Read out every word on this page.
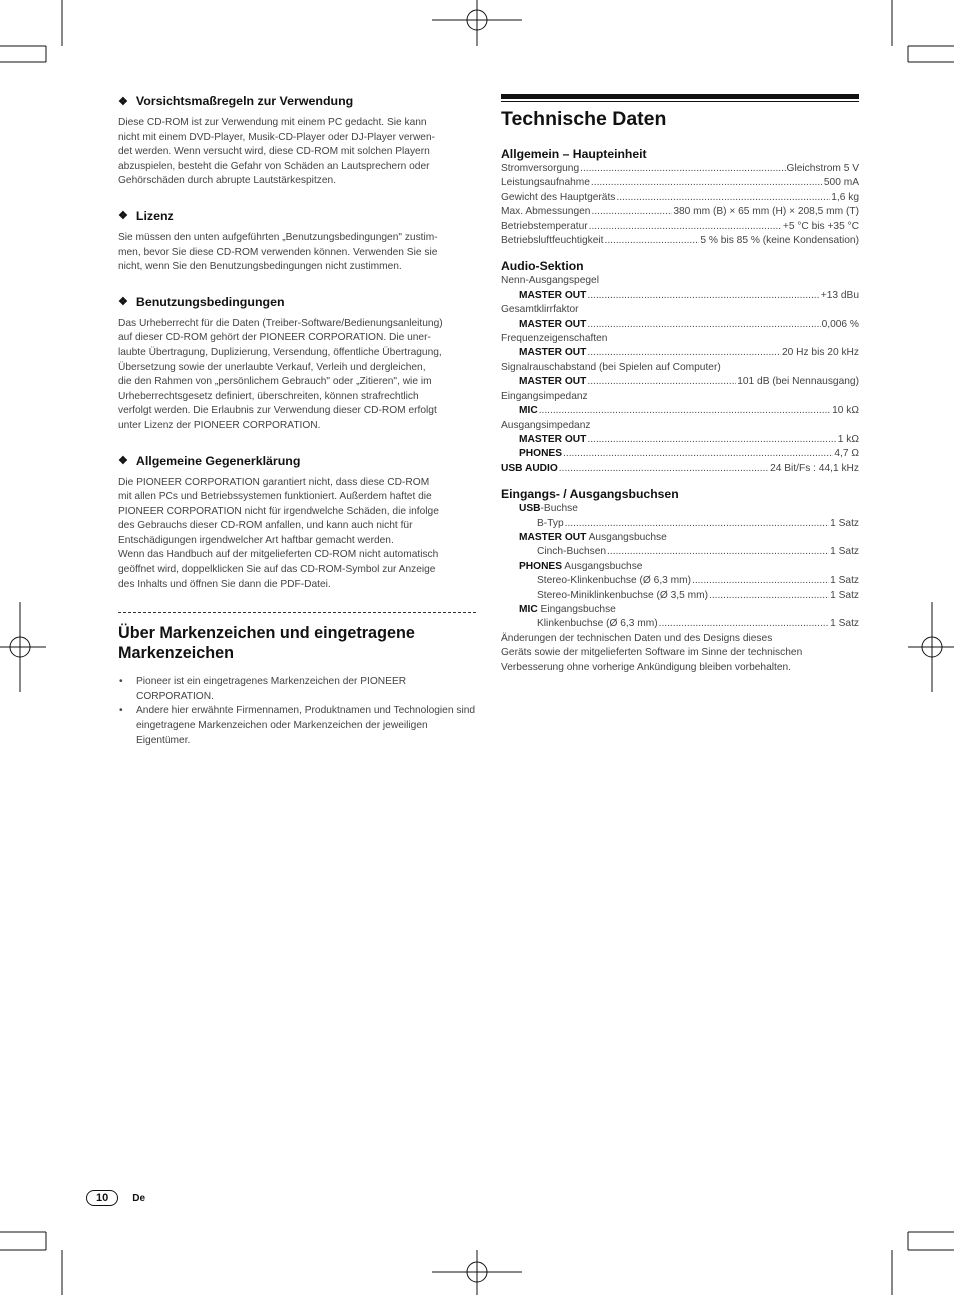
❖ Vorsichtsmaßregeln zur Verwendung

Diese CD-ROM ist zur Verwendung mit einem PC gedacht. Sie kann
nicht mit einem DVD-Player, Musik-CD-Player oder DJ-Player verwen-
det werden. Wenn versucht wird, diese CD-ROM mit solchen Playern
abzuspielen, besteht die Gefahr von Schäden an Lautsprechern oder
Gehörschäden durch abrupte Lautstärkespitzen.

❖ Lizenz

Sie müssen den unten aufgeführten „Benutzungsbedingungen" zustim-
men, bevor Sie diese CD-ROM verwenden können. Verwenden Sie sie
nicht, wenn Sie den Benutzungsbedingungen nicht zustimmen.

❖ Benutzungsbedingungen

Das Urheberrecht für die Daten (Treiber-Software/Bedienungsanleitung)
auf dieser CD-ROM gehört der PIONEER CORPORATION. Die uner-
laubte Übertragung, Duplizierung, Versendung, öffentliche Übertragung,
Übersetzung sowie der unerlaubte Verkauf, Verleih und dergleichen,
die den Rahmen von „persönlichem Gebrauch" oder „Zitieren", wie im
Urheberrechtsgesetz definiert, überschreiten, können strafrechtlich
verfolgt werden. Die Erlaubnis zur Verwendung dieser CD-ROM erfolgt
unter Lizenz der PIONEER CORPORATION.

❖ Allgemeine Gegenerklärung

Die PIONEER CORPORATION garantiert nicht, dass diese CD-ROM
mit allen PCs und Betriebssystemen funktioniert. Außerdem haftet die
PIONEER CORPORATION nicht für irgendwelche Schäden, die infolge
des Gebrauchs dieser CD-ROM anfallen, und kann auch nicht für
Entschädigungen irgendwelcher Art haftbar gemacht werden.
Wenn das Handbuch auf der mitgelieferten CD-ROM nicht automatisch
geöffnet wird, doppelklicken Sie auf das CD-ROM-Symbol zur Anzeige
des Inhalts und öffnen Sie dann die PDF-Datei.

Über Markenzeichen und eingetragene
Markenzeichen
• Pioneer ist ein eingetragenes Markenzeichen der PIONEER CORPORATION.
• Andere hier erwähnte Firmennamen, Produktnamen und Technologien sind eingetragene Markenzeichen oder Markenzeichen der jeweiligen Eigentümer.
Technische Daten
Allgemein – Haupteinheit
Stromversorgung .....	Gleichstrom 5 V
Leistungsaufnahme .....	500 mA
Gewicht des Hauptgeräts .....	1,6 kg
Max. Abmessungen .....	380 mm (B) × 65 mm (H) × 208,5 mm (T)
Betriebstemperatur .....	+5 °C bis +35 °C
Betriebsluftfeuchtigkeit .....	5 % bis 85 % (keine Kondensation)
Audio-Sektion
Nenn-Ausgangspegel
MASTER OUT .....	+13 dBu
Gesamtklirrfaktor
MASTER OUT .....	0,006 %
Frequenzeigenschaften
MASTER OUT .....	20 Hz bis 20 kHz
Signalrauschabstand (bei Spielen auf Computer)
MASTER OUT .....	101 dB (bei Nennausgang)
Eingangsimpedanz
MIC .....	10 kΩ
Ausgangsimpedanz
MASTER OUT .....	1 kΩ
PHONES .....	4,7 Ω
USB AUDIO .....	24 Bit/Fs : 44,1 kHz
Eingangs- / Ausgangsbuchsen
USB-Buchse
B-Typ .....	1 Satz
MASTER OUT Ausgangsbuchse
Cinch-Buchsen .....	1 Satz
PHONES Ausgangsbuchse
Stereo-Klinkenbuchse (Ø 6,3 mm) .....	1 Satz
Stereo-Miniklinkenbuchse (Ø 3,5 mm) .....	1 Satz
MIC Eingangsbuchse
Klinkenbuchse (Ø 6,3 mm) .....	1 Satz
Änderungen der technischen Daten und des Designs dieses
Geräts sowie der mitgelieferten Software im Sinne der technischen
Verbesserung ohne vorherige Ankündigung bleiben vorbehalten.
10	De
